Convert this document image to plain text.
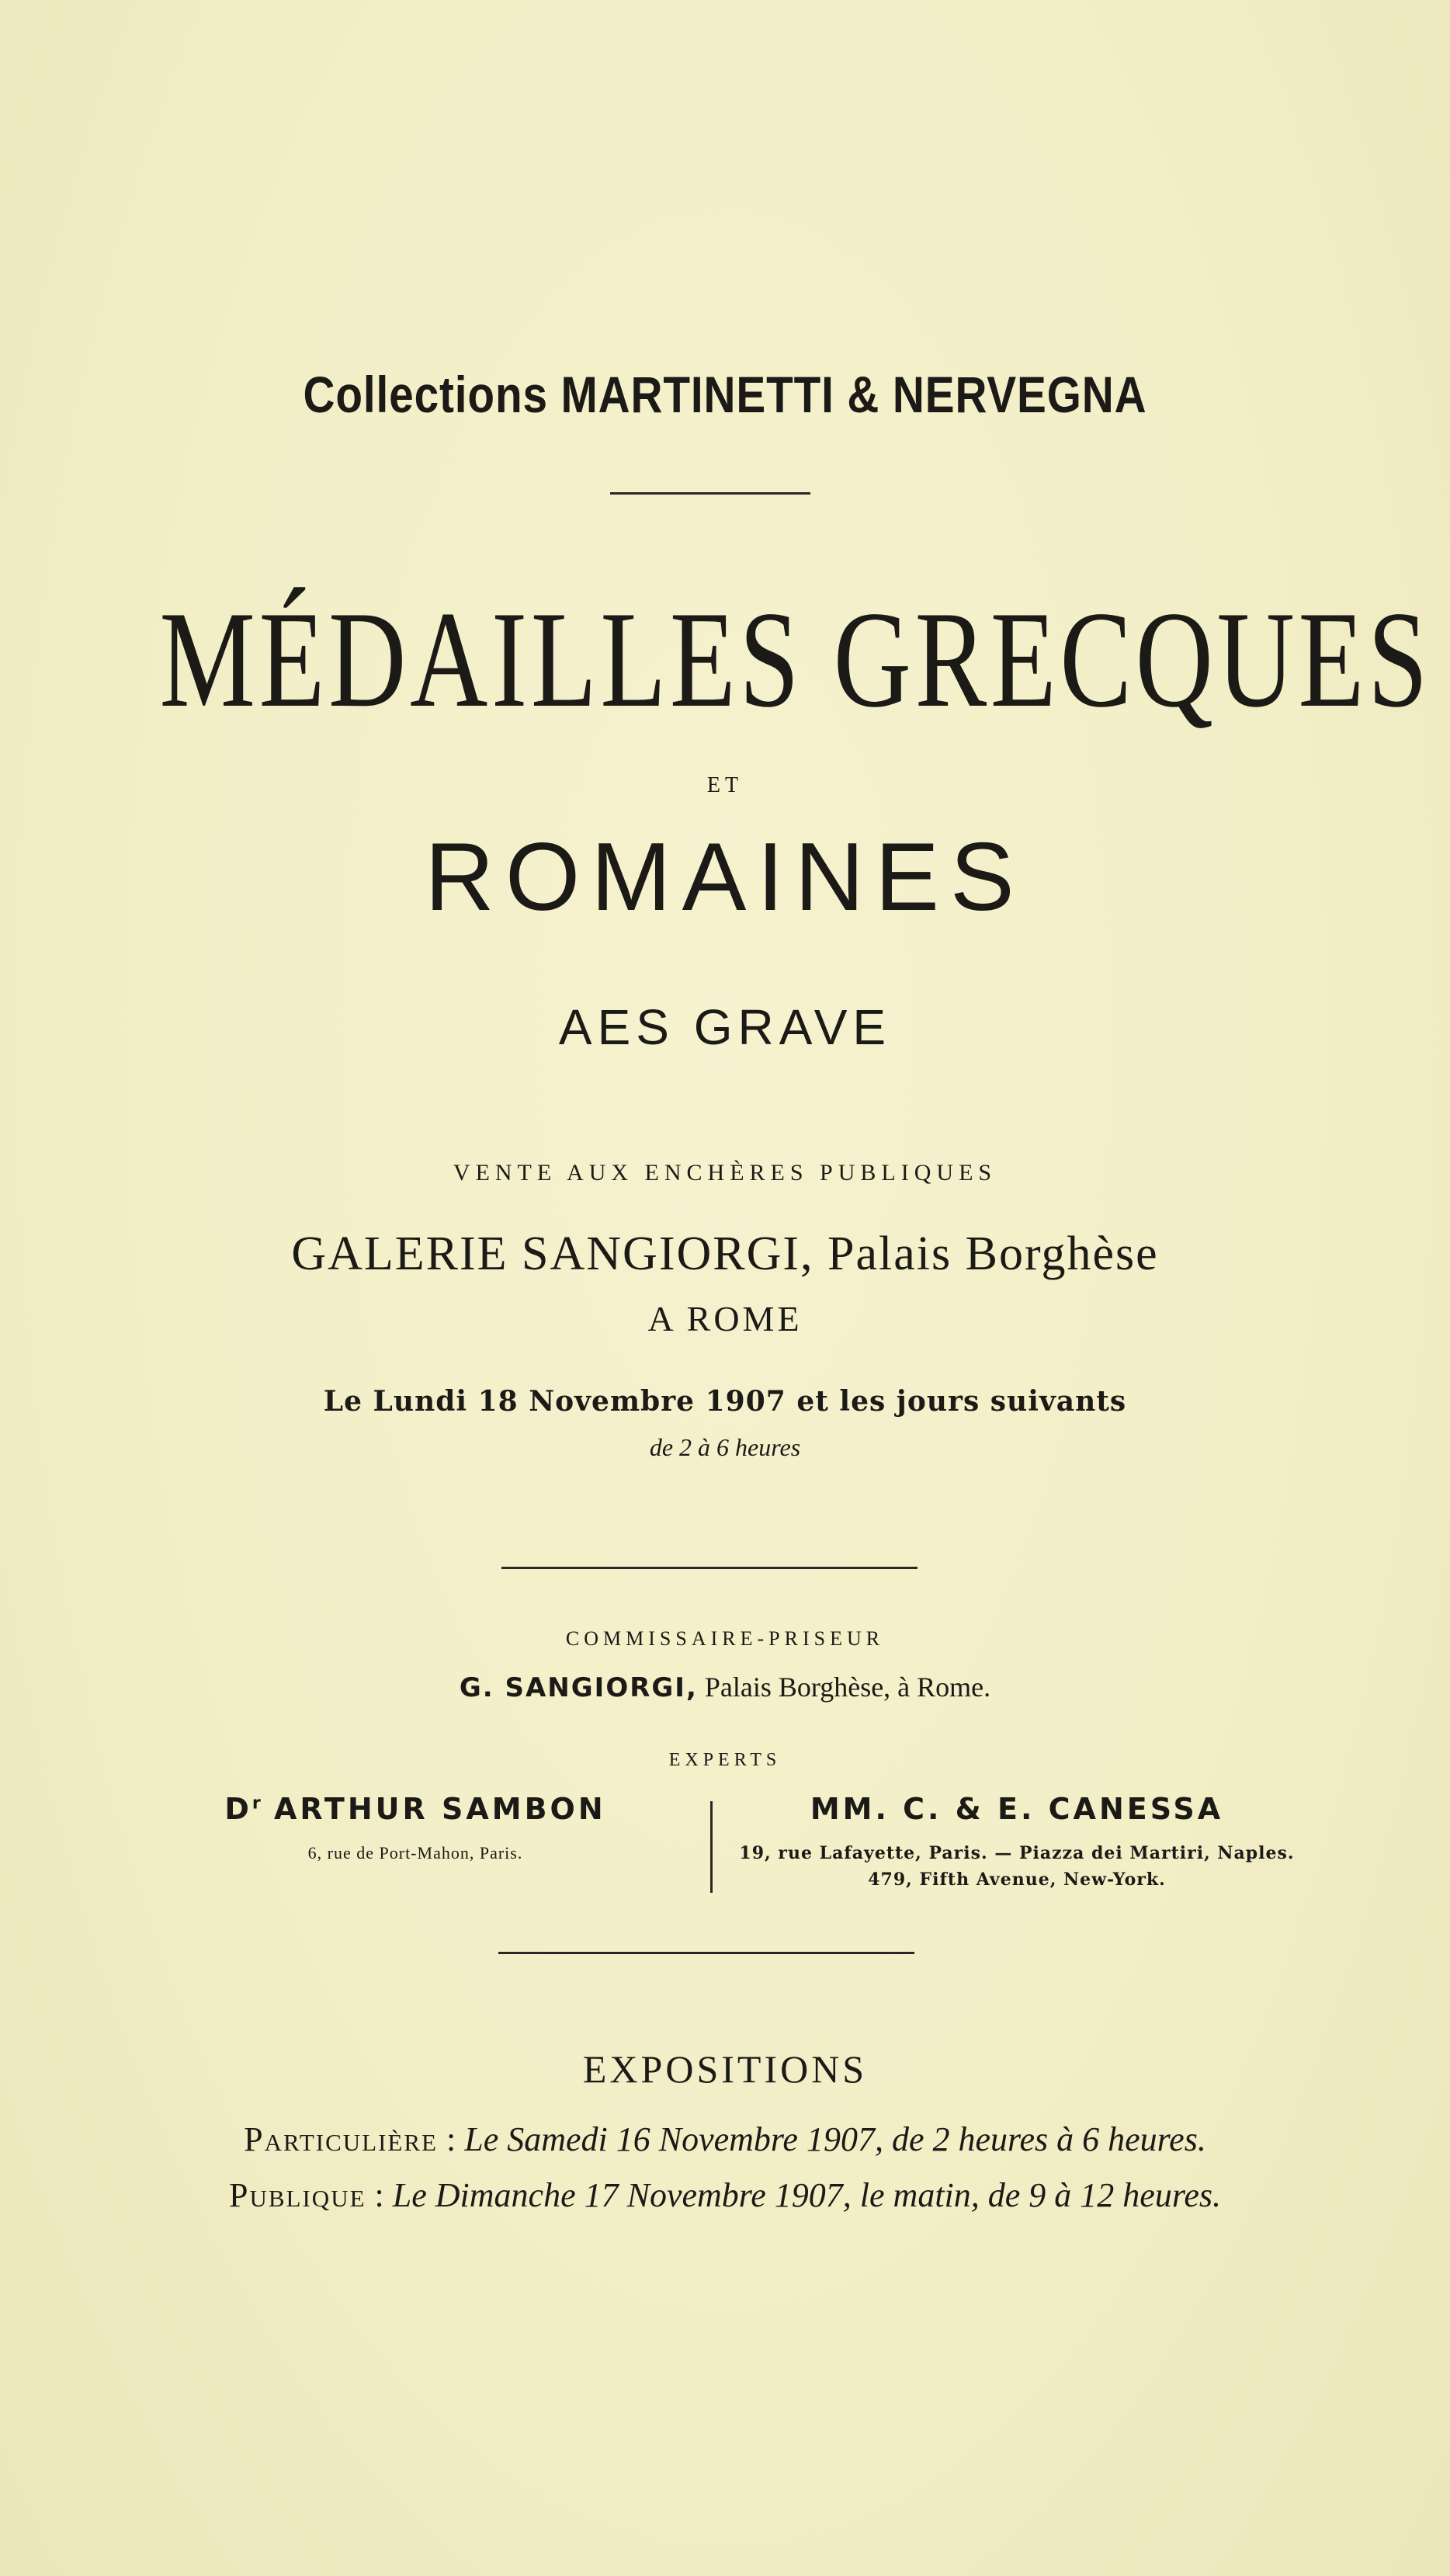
Collections MARTINETTI & NERVEGNA
MÉDAILLES GRECQUES
ET
ROMAINES
AES GRAVE
VENTE AUX ENCHÈRES PUBLIQUES
GALERIE SANGIORGI, Palais Borghèse
A ROME
Le Lundi 18 Novembre 1907 et les jours suivants
de 2 à 6 heures
COMMISSAIRE-PRISEUR
G. SANGIORGI, Palais Borghèse, à Rome.
EXPERTS
$D^r$ ARTHUR SAMBON
6, rue de Port-Mahon, Paris.
MM. C. & E. CANESSA
19, rue Lafayette, Paris. — Piazza dei Martiri, Naples.
479, Fifth Avenue, New-York.
EXPOSITIONS
Particulière : Le Samedi 16 Novembre 1907, de 2 heures à 6 heures.
Publique : Le Dimanche 17 Novembre 1907, le matin, de 9 à 12 heures.
